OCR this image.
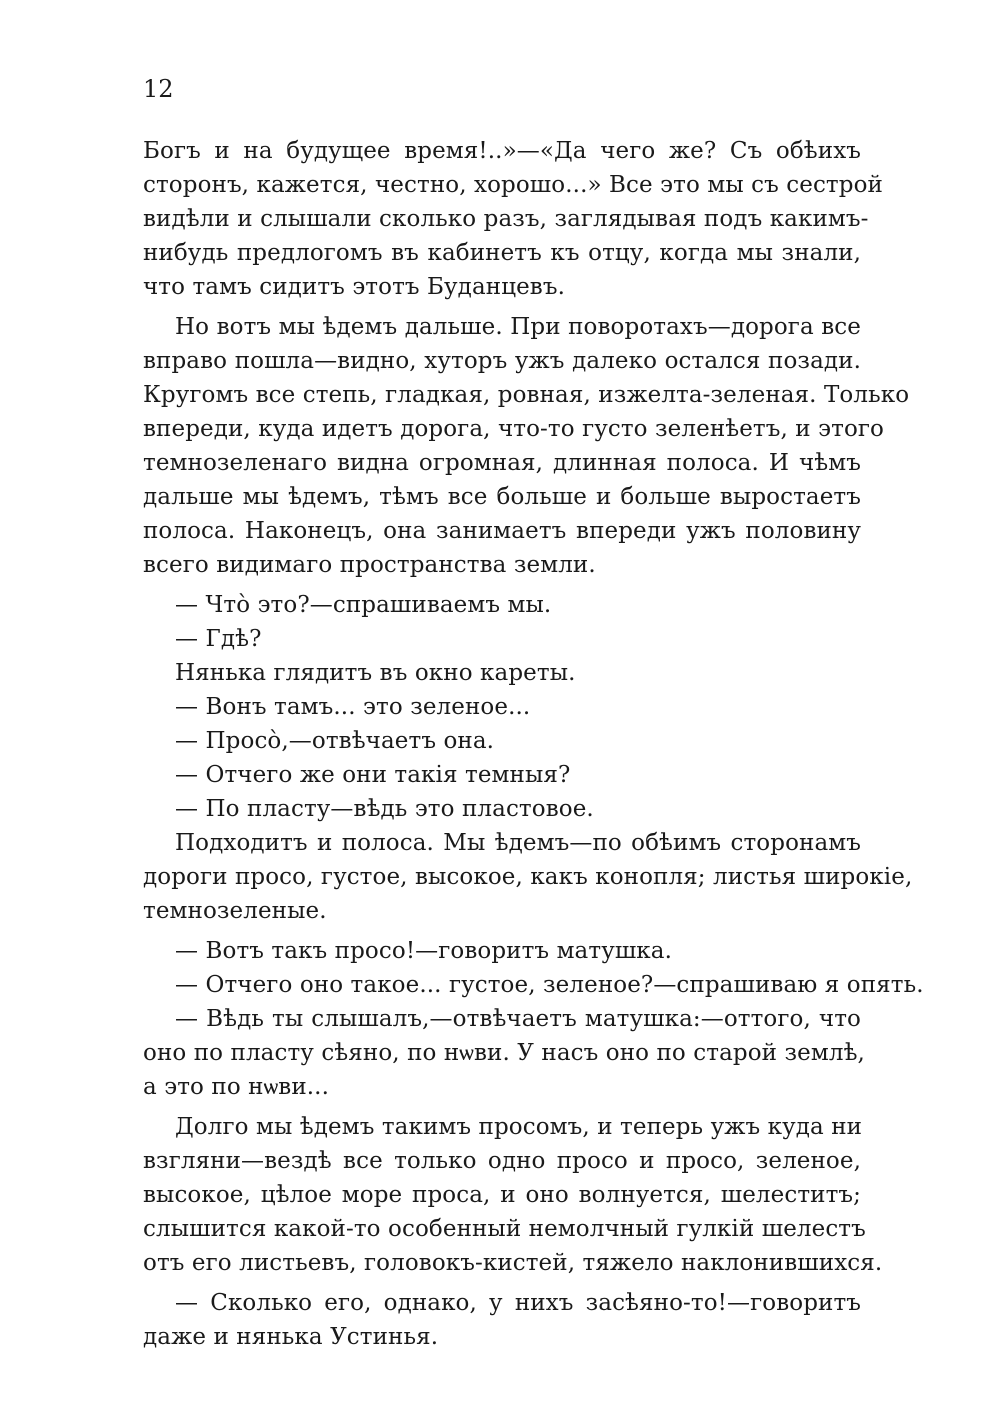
12

Богъ и на будущее время!..»—«Да чего же? Съ обѣихъ
сторонъ, кажется, честно, хорошо...» Все это мы съ сестрой
видѣли и слышали сколько разъ, заглядывая подъ какимъ-
нибудь предлогомъ въ кабинетъ къ отцу, когда мы знали,
что тамъ сидитъ этотъ Буданцевъ.

Но вотъ мы ѣдемъ дальше. При поворотахъ—дорога все
вправо пошла—видно, хуторъ ужъ далеко остался позади.
Кругомъ все степь, гладкая, ровная, изжелта-зеленая. Только
впереди, куда идетъ дорога, что-то густо зеленѣетъ, и этого
темнозеленаго видна огромная, длинная полоса. И чѣмъ
дальше мы ѣдемъ, тѣмъ все больше и больше выростаетъ
полоса. Наконецъ, она занимаетъ впереди ужъ половину
всего видимаго пространства земли.

— Что̀ это?—спрашиваемъ мы.

— Гдѣ?

Нянька глядитъ въ окно кареты.

— Вонъ тамъ... это зеленое...

— Просо̀,—отвѣчаетъ она.

— Отчего же они такія темныя?

— По пласту—вѣдь это пластовое.

Подходитъ и полоса. Мы ѣдемъ—по обѣимъ сторонамъ
дороги просо, густое, высокое, какъ конопля; листья широкіе,
темнозеленые.

— Вотъ такъ просо!—говоритъ матушка.

— Отчего оно такое... густое, зеленое?—спрашиваю я опять.

— Вѣдь ты слышалъ,—отвѣчаетъ матушка:—оттого, что
оно по пласту сѣяно, по нѡви. У насъ оно по старой землѣ,
а это по нѡви...

Долго мы ѣдемъ такимъ просомъ, и теперь ужъ куда ни
взгляни—вездѣ все только одно просо и просо, зеленое,
высокое, цѣлое море проса, и оно волнуется, шелеститъ;
слышится какой-то особенный немолчный гулкій шелестъ
отъ его листьевъ, головокъ-кистей, тяжело наклонившихся.

— Сколько его, однако, у нихъ засѣяно-то!—говоритъ
даже и нянька Устинья.
